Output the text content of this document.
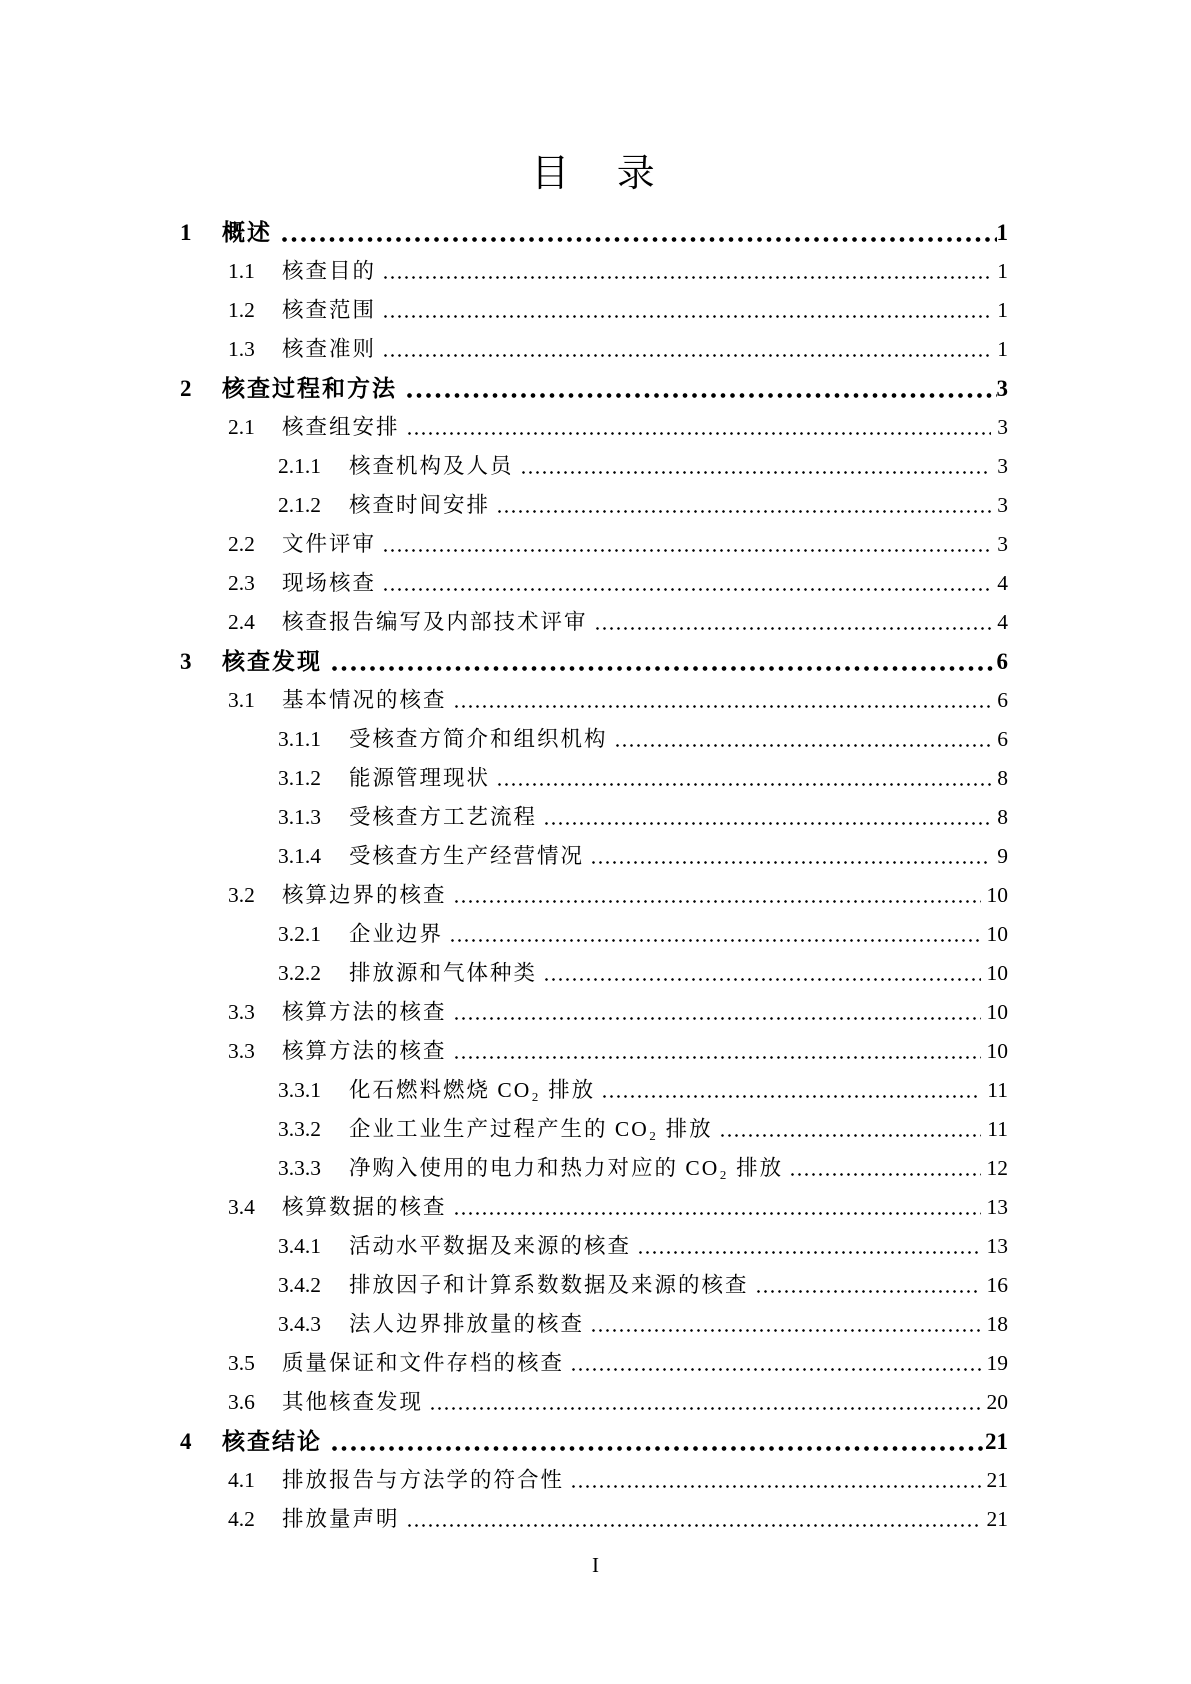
目 录
1	概述	1
1.1	核查目的	1
1.2	核查范围	1
1.3	核查准则	1
2	核查过程和方法	3
2.1	核查组安排	3
2.1.1	核查机构及人员	3
2.1.2	核查时间安排	3
2.2	文件评审	3
2.3	现场核查	4
2.4	核查报告编写及内部技术评审	4
3	核查发现	6
3.1	基本情况的核查	6
3.1.1	受核查方简介和组织机构	6
3.1.2	能源管理现状	8
3.1.3	受核查方工艺流程	8
3.1.4	受核查方生产经营情况	9
3.2	核算边界的核查	10
3.2.1	企业边界	10
3.2.2	排放源和气体种类	10
3.3	核算方法的核查	10
3.3	核算方法的核查	10
3.3.1	化石燃料燃烧 CO₂ 排放	11
3.3.2	企业工业生产过程产生的 CO₂ 排放	11
3.3.3	净购入使用的电力和热力对应的 CO₂ 排放	12
3.4	核算数据的核查	13
3.4.1	活动水平数据及来源的核查	13
3.4.2	排放因子和计算系数数据及来源的核查	16
3.4.3	法人边界排放量的核查	18
3.5	质量保证和文件存档的核查	19
3.6	其他核查发现	20
4	核查结论	21
4.1	排放报告与方法学的符合性	21
4.2	排放量声明	21
I
